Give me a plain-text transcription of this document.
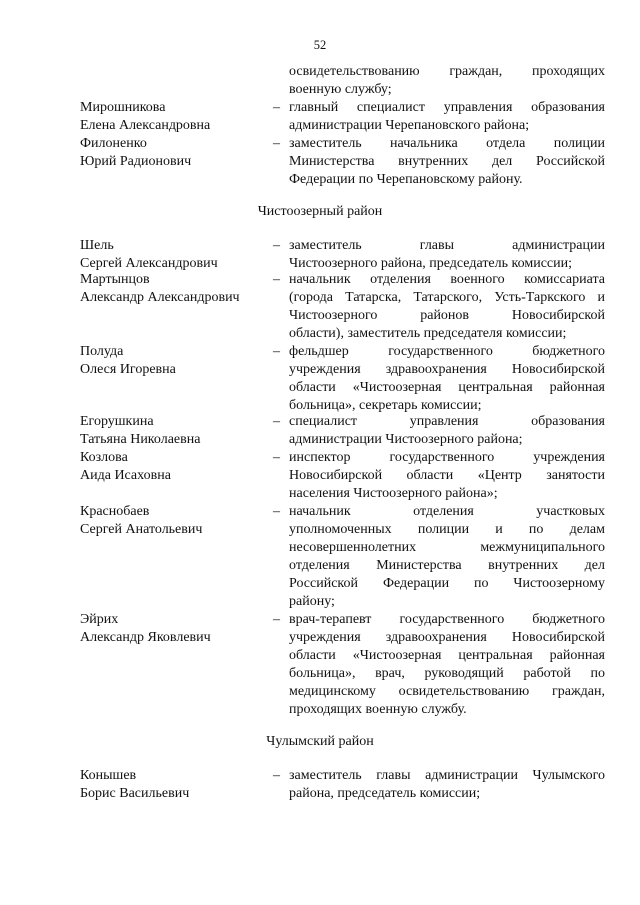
52
освидетельствованию граждан, проходящих
военную службу;
Мирошникова
Елена Александровна
– главный специалист управления образования
администрации Черепановского района;
Филоненко
Юрий Радионович
– заместитель начальника отдела полиции
Министерства внутренних дел Российской
Федерации по Черепановскому району.
Чистоозерный район
Шель
Сергей Александрович
– заместитель главы администрации
Чистоозерного района, председатель комиссии;
Мартынцов
Александр Александрович
– начальник отделения военного комиссариата
(города Татарска, Татарского, Усть-Таркского и
Чистоозерного районов Новосибирской
области), заместитель председателя комиссии;
Полуда
Олеся Игоревна
– фельдшер государственного бюджетного
учреждения здравоохранения Новосибирской
области «Чистоозерная центральная районная
больница», секретарь комиссии;
Егорушкина
Татьяна Николаевна
– специалист управления образования
администрации Чистоозерного района;
Козлова
Аида Исаховна
– инспектор государственного учреждения
Новосибирской области «Центр занятости
населения Чистоозерного района»;
Краснобаев
Сергей Анатольевич
– начальник отделения участковых
уполномоченных полиции и по делам
несовершеннолетних межмуниципального
отделения Министерства внутренних дел
Российской Федерации по Чистоозерному
району;
Эйрих
Александр Яковлевич
– врач-терапевт государственного бюджетного
учреждения здравоохранения Новосибирской
области «Чистоозерная центральная районная
больница», врач, руководящий работой по
медицинскому освидетельствованию граждан,
проходящих военную службу.
Чулымский район
Конышев
Борис Васильевич
– заместитель главы администрации Чулымского
района, председатель комиссии;
